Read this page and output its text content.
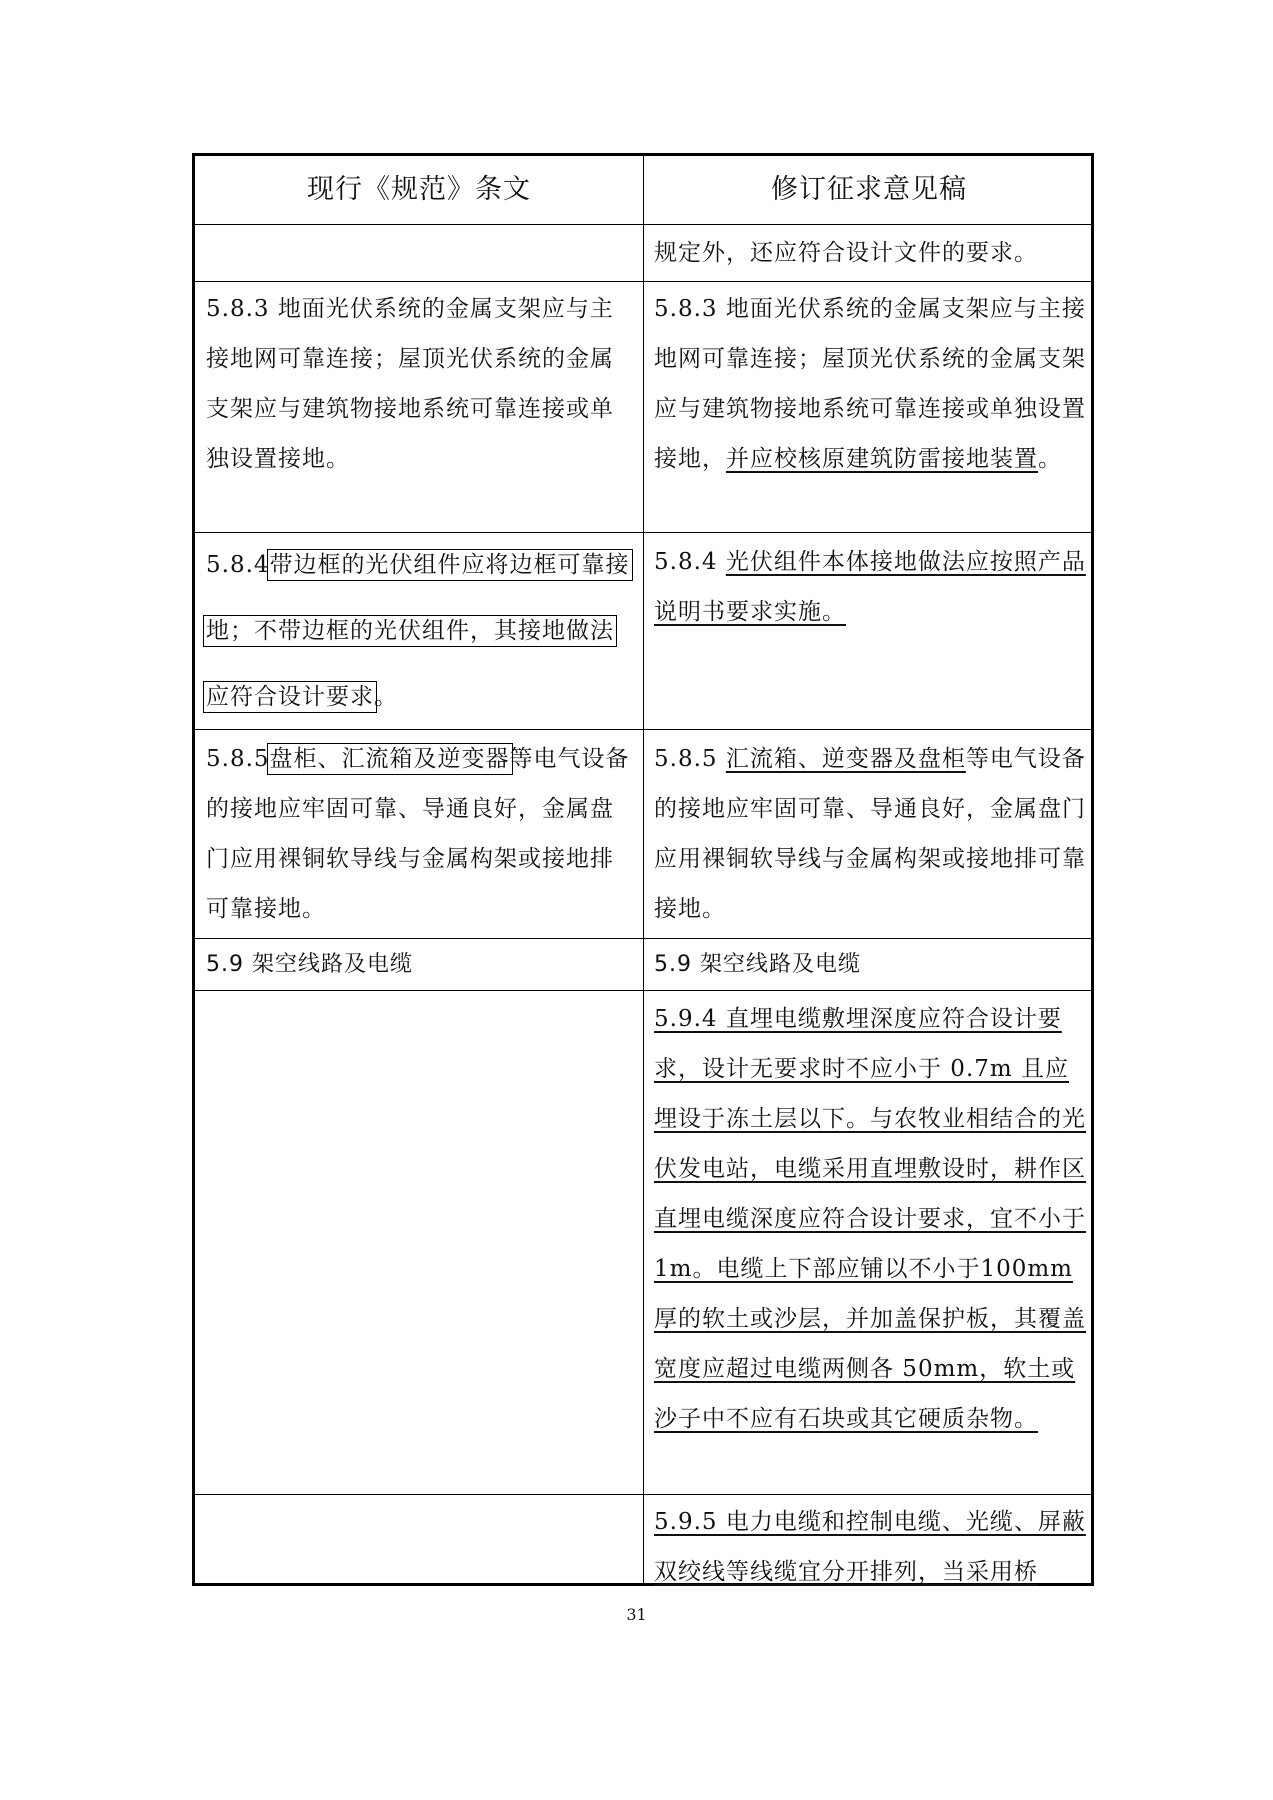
现行《规范》条文	修订征求意见稿
规定外，还应符合设计文件的要求。
5.8.3 地面光伏系统的金属支架应与主接地网可靠连接；屋顶光伏系统的金属支架应与建筑物接地系统可靠连接或单独设置接地。
5.8.3 地面光伏系统的金属支架应与主接地网可靠连接；屋顶光伏系统的金属支架应与建筑物接地系统可靠连接或单独设置接地，并应校核原建筑防雷接地装置。
5.8.4带边框的光伏组件应将边框可靠接地；不带边框的光伏组件，其接地做法应符合设计要求。
5.8.4 光伏组件本体接地做法应按照产品说明书要求实施。
5.8.5盘柜、汇流箱及逆变器等电气设备的接地应牢固可靠、导通良好，金属盘门应用裸铜软导线与金属构架或接地排可靠接地。
5.8.5 汇流箱、逆变器及盘柜等电气设备的接地应牢固可靠、导通良好，金属盘门应用裸铜软导线与金属构架或接地排可靠接地。
5.9 架空线路及电缆	5.9 架空线路及电缆
5.9.4 直埋电缆敷埋深度应符合设计要求，设计无要求时不应小于 0.7m 且应埋设于冻土层以下。与农牧业相结合的光伏发电站，电缆采用直埋敷设时，耕作区直埋电缆深度应符合设计要求，宜不小于 1m。电缆上下部应铺以不小于100mm 厚的软土或沙层，并加盖保护板，其覆盖宽度应超过电缆两侧各 50mm，软土或沙子中不应有石块或其它硬质杂物。
5.9.5 电力电缆和控制电缆、光缆、屏蔽双绞线等线缆宜分开排列，当采用桥
31
